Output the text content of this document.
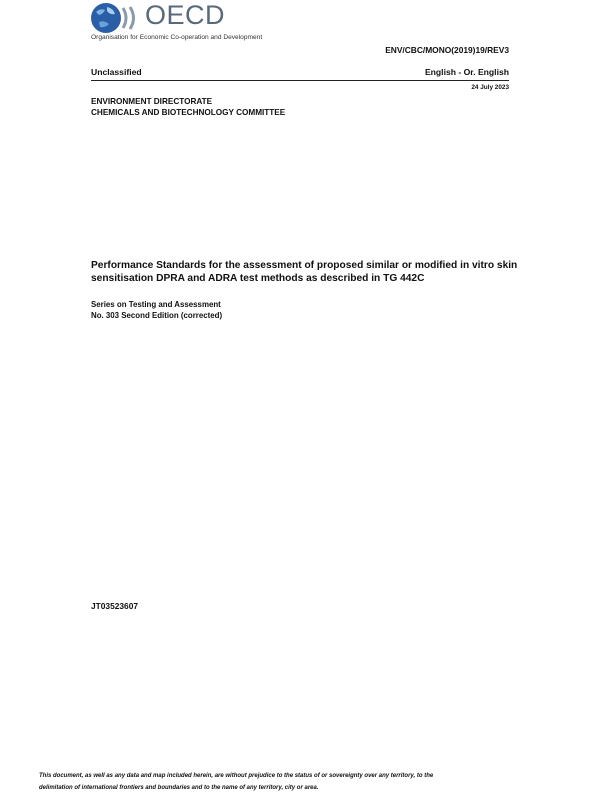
OECD
Organisation for Economic Co-operation and Development
ENV/CBC/MONO(2019)19/REV3
Unclassified	English - Or. English
24 July 2023
ENVIRONMENT DIRECTORATE
CHEMICALS AND BIOTECHNOLOGY COMMITTEE
Performance Standards for the assessment of proposed similar or modified in vitro skin
sensitisation DPRA and ADRA test methods as described in TG 442C
Series on Testing and Assessment
No. 303 Second Edition (corrected)
JT03523607
This document, as well as any data and map included herein, are without prejudice to the status of or sovereignty over any territory, to the
delimitation of international frontiers and boundaries and to the name of any territory, city or area.
